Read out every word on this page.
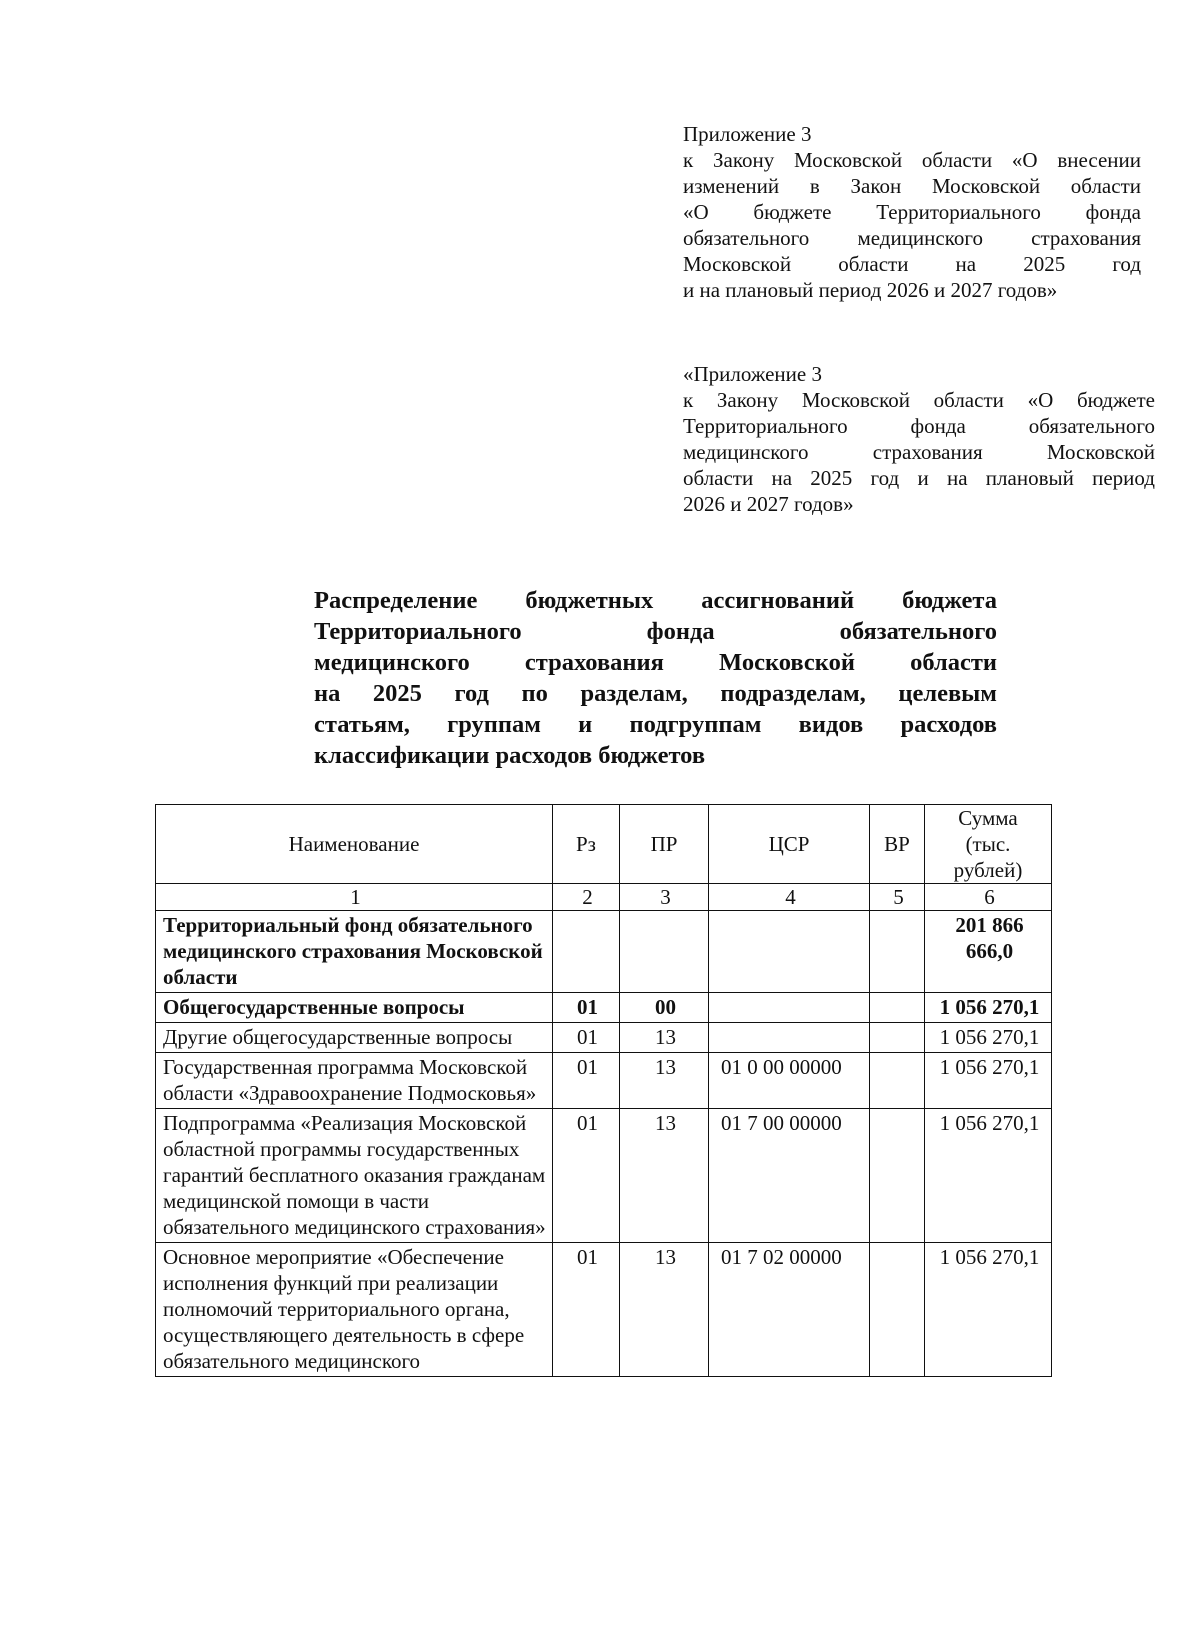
Приложение 3
к Закону Московской области «О внесении
изменений в Закон Московской области
«О бюджете Территориального фонда
обязательного медицинского страхования
Московской области на 2025 год
и на плановый период 2026 и 2027 годов»
«Приложение 3
к Закону Московской области «О бюджете
Территориального фонда обязательного
медицинского страхования Московской
области на 2025 год и на плановый период
2026 и 2027 годов»
Распределение бюджетных ассигнований бюджета
Территориального фонда обязательного
медицинского страхования Московской области
на 2025 год по разделам, подразделам, целевым
статьям, группам и подгруппам видов расходов
классификации расходов бюджетов
Наименование	Рз	ПР	ЦСР	ВР	Сумма
(тыс. рублей)
1	2	3	4	5	6
Территориальный фонд обязательного медицинского страхования Московской области					201 866 666,0
Общегосударственные вопросы	01	00			1 056 270,1
Другие общегосударственные вопросы	01	13			1 056 270,1
Государственная программа Московской области «Здравоохранение Подмосковья»	01	13	01 0 00 00000		1 056 270,1
Подпрограмма «Реализация Московской областной программы государственных гарантий бесплатного оказания гражданам медицинской помощи в части обязательного медицинского страхования»	01	13	01 7 00 00000		1 056 270,1
Основное мероприятие «Обеспечение исполнения функций при реализации полномочий территориального органа, осуществляющего деятельность в сфере обязательного медицинского	01	13	01 7 02 00000		1 056 270,1
